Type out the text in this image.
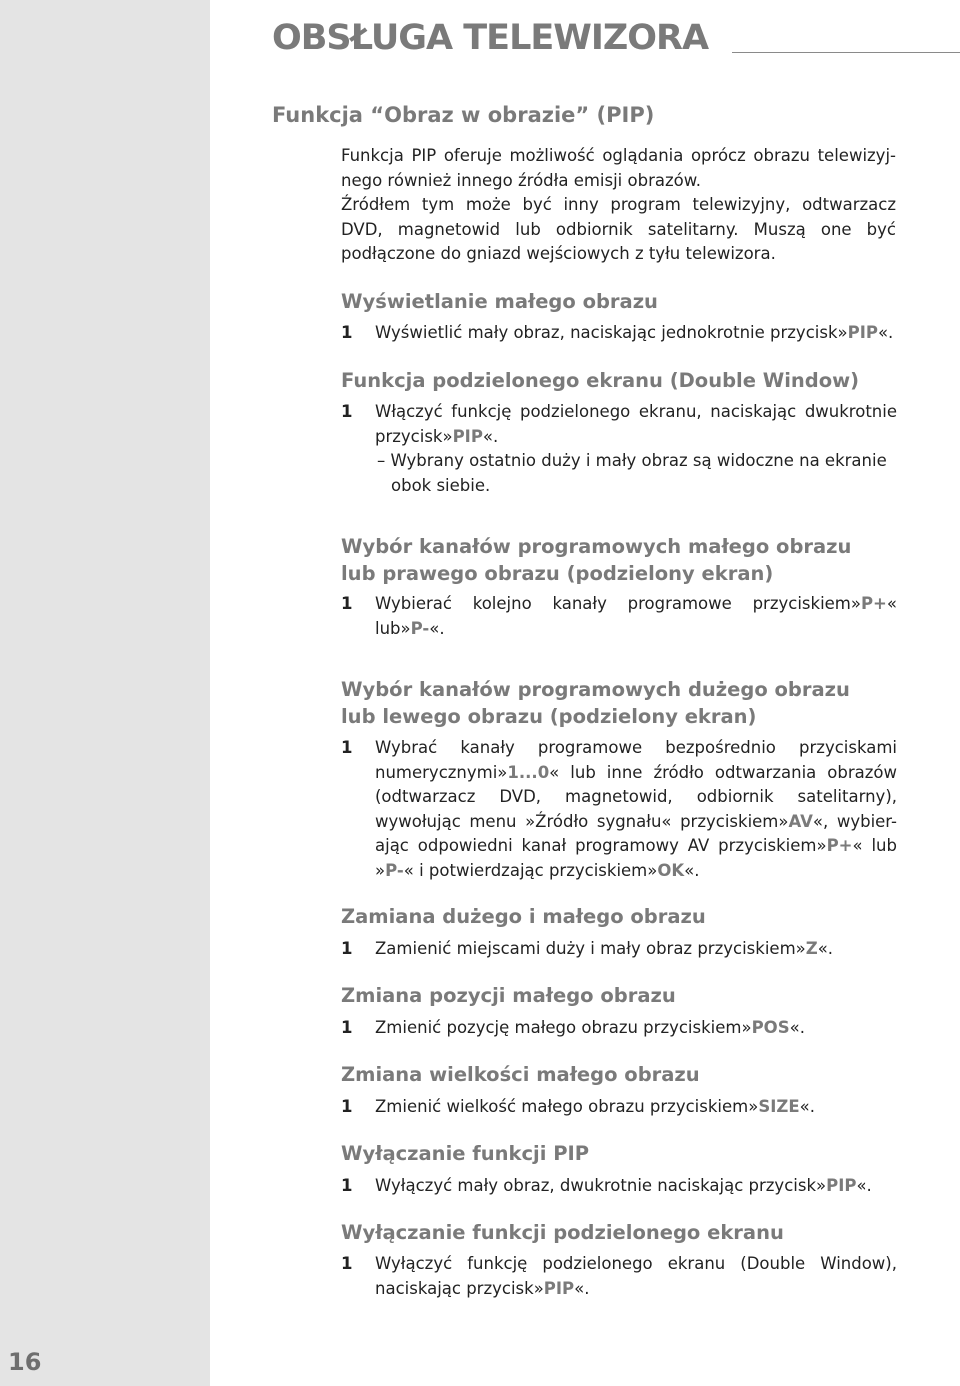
16
OBSŁUGA TELEWIZORA
Funkcja “Obraz w obrazie” (PIP)

Funkcja PIP oferuje możliwość oglądania oprócz obrazu telewizyj-
nego również innego źródła emisji obrazów.
Źródłem tym może być inny program telewizyjny, odtwarzacz
DVD, magnetowid lub odbiornik satelitarny. Muszą one być
podłączone do gniazd wejściowych z tyłu telewizora.

Wyświetlanie małego obrazu
1 Wyświetlić mały obraz, naciskając jednokrotnie przycisk»PIP«.
Funkcja podzielonego ekranu (Double Window)
1 Włączyć funkcję podzielonego ekranu, naciskając dwukrotnie
przycisk»PIP«.
– Wybrany ostatnio duży i mały obraz są widoczne na ekranie
obok siebie.
Wybór kanałów programowych małego obrazu
lub prawego obrazu (podzielony ekran)
1 Wybierać kolejno kanały programowe przyciskiem»P+«
lub»P-«.
Wybór kanałów programowych dużego obrazu
lub lewego obrazu (podzielony ekran)
1 Wybrać kanały programowe bezpośrednio przyciskami
numerycznymi»1...0« lub inne źródło odtwarzania obrazów
(odtwarzacz DVD, magnetowid, odbiornik satelitarny),
wywołując menu »Źródło sygnału« przyciskiem»AV«, wybier-
ając odpowiedni kanał programowy AV przyciskiem»P+« lub
»P-« i potwierdzając przyciskiem»OK«.
Zamiana dużego i małego obrazu
1 Zamienić miejscami duży i mały obraz przyciskiem»Z«.
Zmiana pozycji małego obrazu
1 Zmienić pozycję małego obrazu przyciskiem»POS«.
Zmiana wielkości małego obrazu
1 Zmienić wielkość małego obrazu przyciskiem»SIZE«.
Wyłączanie funkcji PIP
1 Wyłączyć mały obraz, dwukrotnie naciskając przycisk»PIP«.
Wyłączanie funkcji podzielonego ekranu
1 Wyłączyć funkcję podzielonego ekranu (Double Window),
naciskając przycisk»PIP«.
